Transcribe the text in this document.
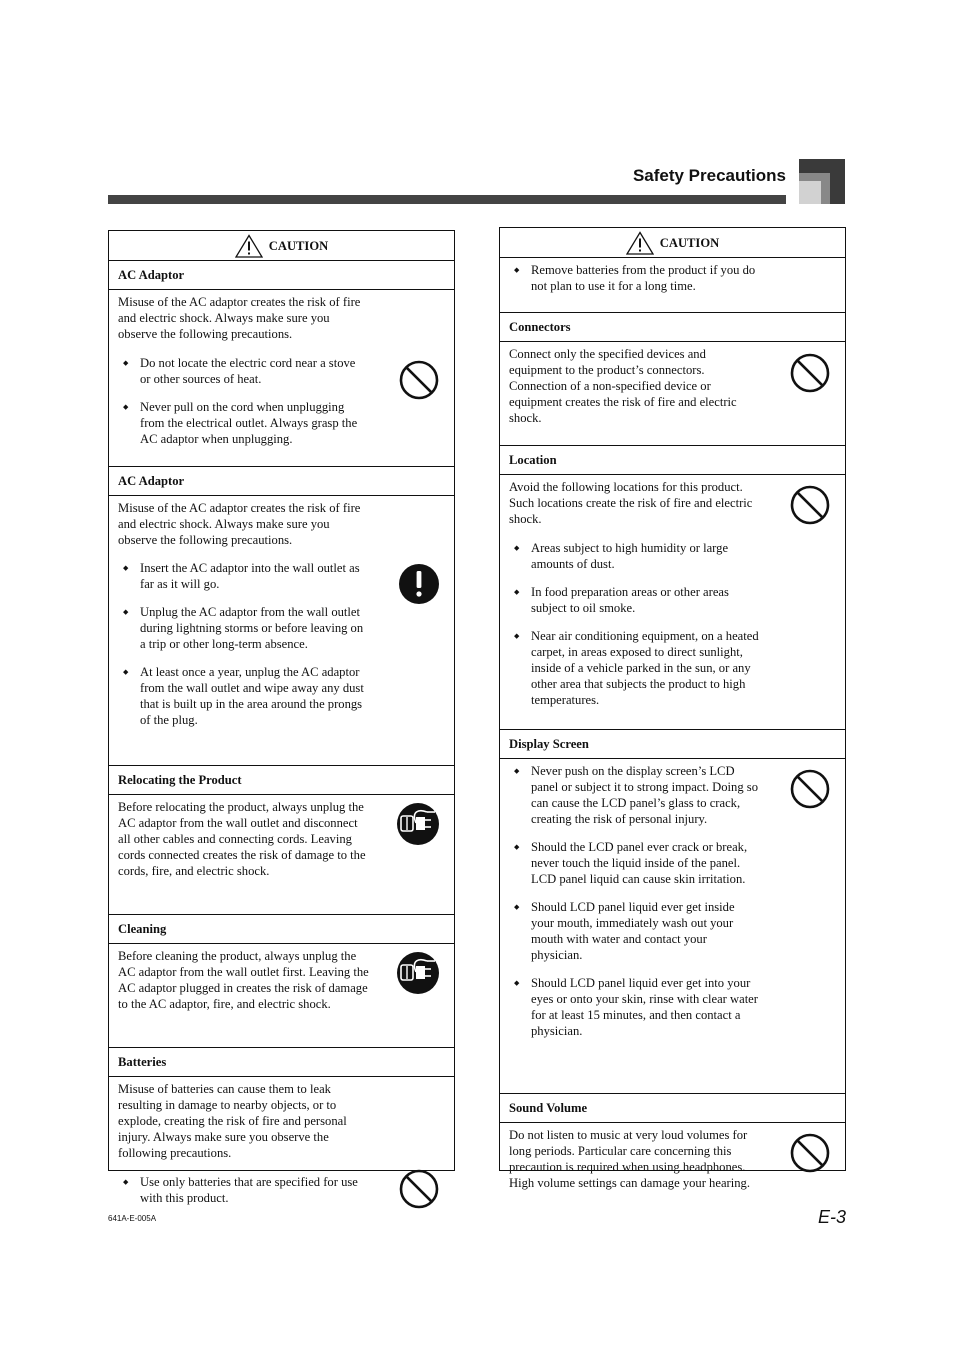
Safety Precautions
CAUTION
AC Adaptor

Misuse of the AC adaptor creates the risk of fire and electric shock. Always make sure you observe the following precautions.

◆ Do not locate the electric cord near a stove or other sources of heat.
◆ Never pull on the cord when unplugging from the electrical outlet. Always grasp the AC adaptor when unplugging.
AC Adaptor

Misuse of the AC adaptor creates the risk of fire and electric shock. Always make sure you observe the following precautions.

◆ Insert the AC adaptor into the wall outlet as far as it will go.
◆ Unplug the AC adaptor from the wall outlet during lightning storms or before leaving on a trip or other long-term absence.
◆ At least once a year, unplug the AC adaptor from the wall outlet and wipe away any dust that is built up in the area around the prongs of the plug.
Relocating the Product

Before relocating the product, always unplug the AC adaptor from the wall outlet and disconnect all other cables and connecting cords. Leaving cords connected creates the risk of damage to the cords, fire, and electric shock.

Cleaning

Before cleaning the product, always unplug the AC adaptor from the wall outlet first. Leaving the AC adaptor plugged in creates the risk of damage to the AC adaptor, fire, and electric shock.

Batteries

Misuse of batteries can cause them to leak resulting in damage to nearby objects, or to explode, creating the risk of fire and personal injury. Always make sure you observe the following precautions.

◆ Use only batteries that are specified for use with this product.
CAUTION
◆ Remove batteries from the product if you do not plan to use it for a long time.
Connectors

Connect only the specified devices and equipment to the product’s connectors. Connection of a non-specified device or equipment creates the risk of fire and electric shock.

Location

Avoid the following locations for this product. Such locations create the risk of fire and electric shock.

◆ Areas subject to high humidity or large amounts of dust.
◆ In food preparation areas or other areas subject to oil smoke.
◆ Near air conditioning equipment, on a heated carpet, in areas exposed to direct sunlight, inside of a vehicle parked in the sun, or any other area that subjects the product to high temperatures.
Display Screen
◆ Never push on the display screen’s LCD panel or subject it to strong impact. Doing so can cause the LCD panel’s glass to crack, creating the risk of personal injury.
◆ Should the LCD panel ever crack or break, never touch the liquid inside of the panel. LCD panel liquid can cause skin irritation.
◆ Should LCD panel liquid ever get inside your mouth, immediately wash out your mouth with water and contact your physician.
◆ Should LCD panel liquid ever get into your eyes or onto your skin, rinse with clear water for at least 15 minutes, and then contact a physician.
Sound Volume

Do not listen to music at very loud volumes for long periods. Particular care concerning this precaution is required when using headphones. High volume settings can damage your hearing.

641A-E-005A	E-3
